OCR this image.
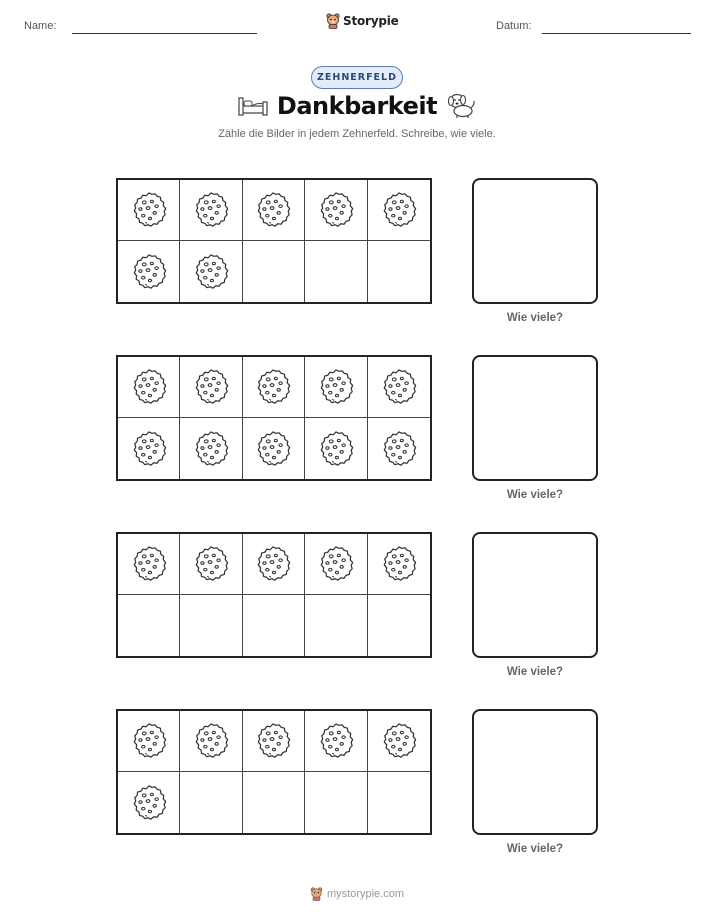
Name:	Storypie	Datum:
ZEHNERFELD
Dankbarkeit
Zähle die Bilder in jedem Zehnerfeld. Schreibe, wie viele.
Wie viele?
Wie viele?
Wie viele?
Wie viele?
mystorypie.com
